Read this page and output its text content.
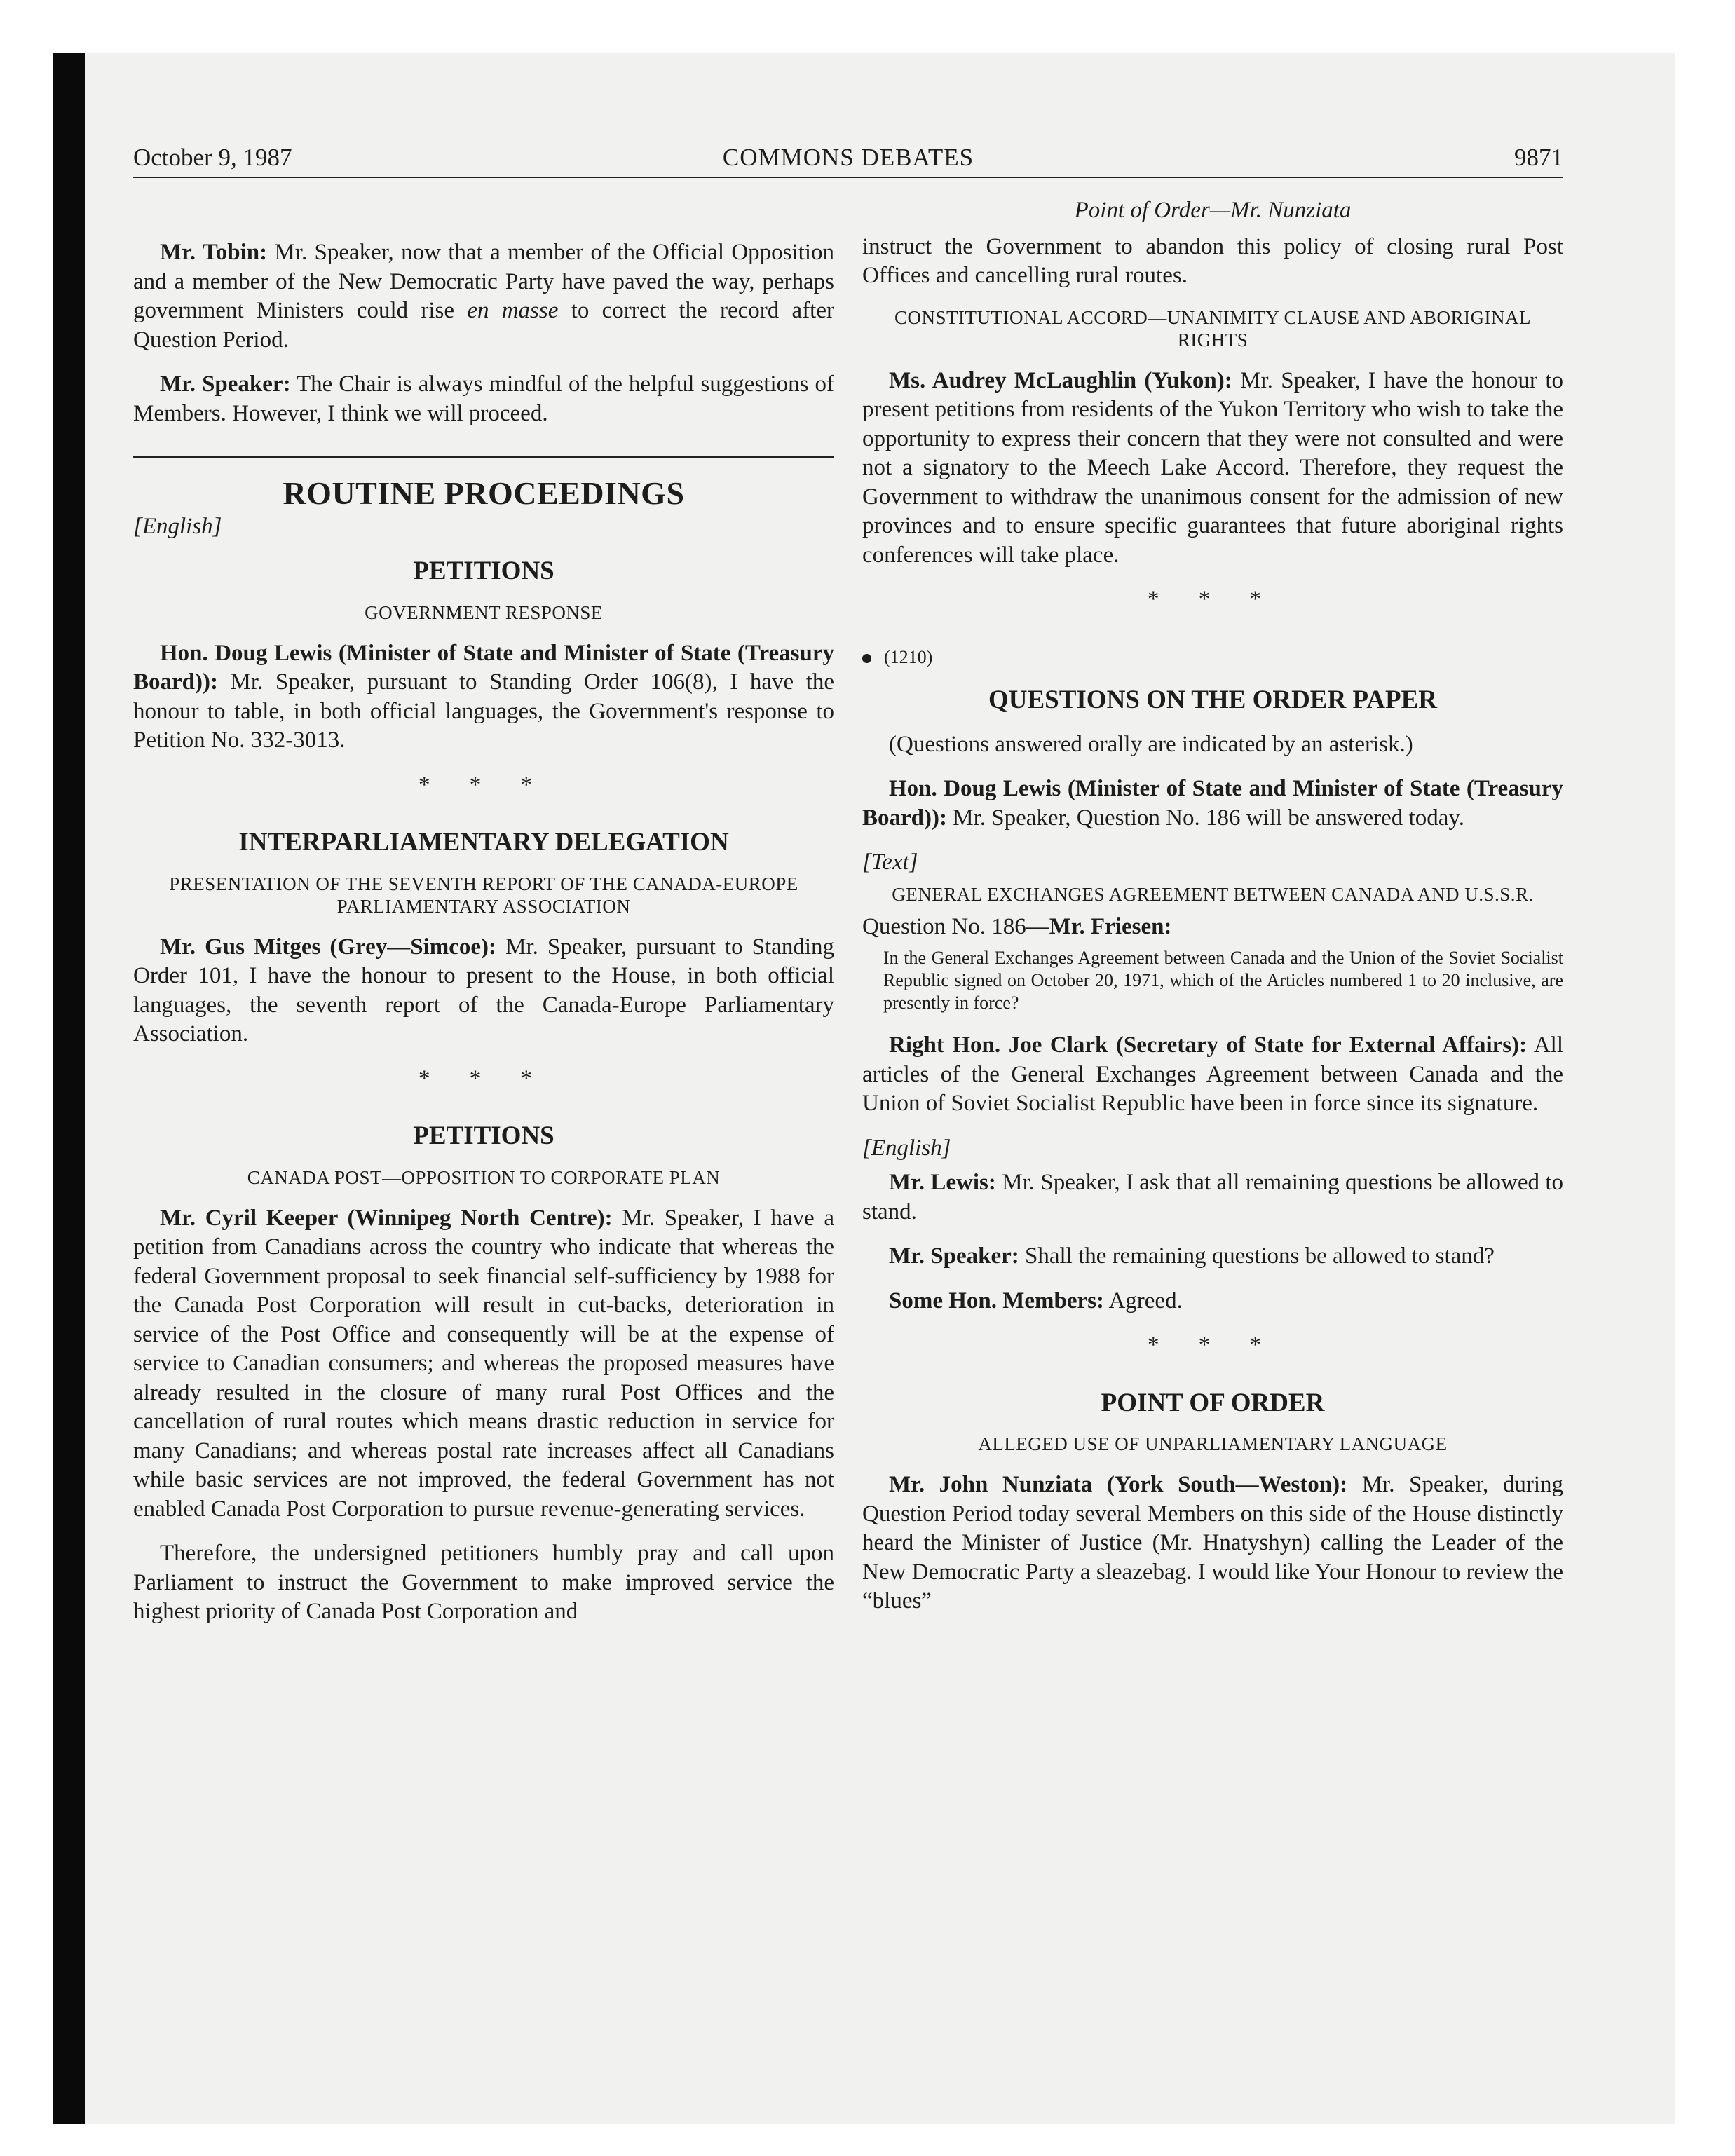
October 9, 1987	COMMONS DEBATES	9871

Mr. Tobin: Mr. Speaker, now that a member of the Official Opposition and a member of the New Democratic Party have paved the way, perhaps government Ministers could rise en masse to correct the record after Question Period.

Mr. Speaker: The Chair is always mindful of the helpful suggestions of Members. However, I think we will proceed.

ROUTINE PROCEEDINGS
[English]
PETITIONS
GOVERNMENT RESPONSE

Hon. Doug Lewis (Minister of State and Minister of State (Treasury Board)): Mr. Speaker, pursuant to Standing Order 106(8), I have the honour to table, in both official languages, the Government's response to Petition No. 332-3013.

* * *
INTERPARLIAMENTARY DELEGATION
PRESENTATION OF THE SEVENTH REPORT OF THE CANADA-EUROPE PARLIAMENTARY ASSOCIATION

Mr. Gus Mitges (Grey—Simcoe): Mr. Speaker, pursuant to Standing Order 101, I have the honour to present to the House, in both official languages, the seventh report of the Canada-Europe Parliamentary Association.

* * *
PETITIONS
CANADA POST—OPPOSITION TO CORPORATE PLAN

Mr. Cyril Keeper (Winnipeg North Centre): Mr. Speaker, I have a petition from Canadians across the country who indicate that whereas the federal Government proposal to seek financial self-sufficiency by 1988 for the Canada Post Corporation will result in cut-backs, deterioration in service of the Post Office and consequently will be at the expense of service to Canadian consumers; and whereas the proposed measures have already resulted in the closure of many rural Post Offices and the cancellation of rural routes which means drastic reduction in service for many Canadians; and whereas postal rate increases affect all Canadians while basic services are not improved, the federal Government has not enabled Canada Post Corporation to pursue revenue-generating services.

Therefore, the undersigned petitioners humbly pray and call upon Parliament to instruct the Government to make improved service the highest priority of Canada Post Corporation and

Point of Order—Mr. Nunziata

instruct the Government to abandon this policy of closing rural Post Offices and cancelling rural routes.

CONSTITUTIONAL ACCORD—UNANIMITY CLAUSE AND ABORIGINAL RIGHTS

Ms. Audrey McLaughlin (Yukon): Mr. Speaker, I have the honour to present petitions from residents of the Yukon Territory who wish to take the opportunity to express their concern that they were not consulted and were not a signatory to the Meech Lake Accord. Therefore, they request the Government to withdraw the unanimous consent for the admission of new provinces and to ensure specific guarantees that future aboriginal rights conferences will take place.

* * *
(1210)
QUESTIONS ON THE ORDER PAPER

(Questions answered orally are indicated by an asterisk.)

Hon. Doug Lewis (Minister of State and Minister of State (Treasury Board)): Mr. Speaker, Question No. 186 will be answered today.

[Text]
GENERAL EXCHANGES AGREEMENT BETWEEN CANADA AND U.S.S.R.

Question No. 186—Mr. Friesen:

In the General Exchanges Agreement between Canada and the Union of the Soviet Socialist Republic signed on October 20, 1971, which of the Articles numbered 1 to 20 inclusive, are presently in force?

Right Hon. Joe Clark (Secretary of State for External Affairs): All articles of the General Exchanges Agreement between Canada and the Union of Soviet Socialist Republic have been in force since its signature.

[English]

Mr. Lewis: Mr. Speaker, I ask that all remaining questions be allowed to stand.

Mr. Speaker: Shall the remaining questions be allowed to stand?

Some Hon. Members: Agreed.

* * *
POINT OF ORDER
ALLEGED USE OF UNPARLIAMENTARY LANGUAGE

Mr. John Nunziata (York South—Weston): Mr. Speaker, during Question Period today several Members on this side of the House distinctly heard the Minister of Justice (Mr. Hnatyshyn) calling the Leader of the New Democratic Party a sleazebag. I would like Your Honour to review the “blues”
